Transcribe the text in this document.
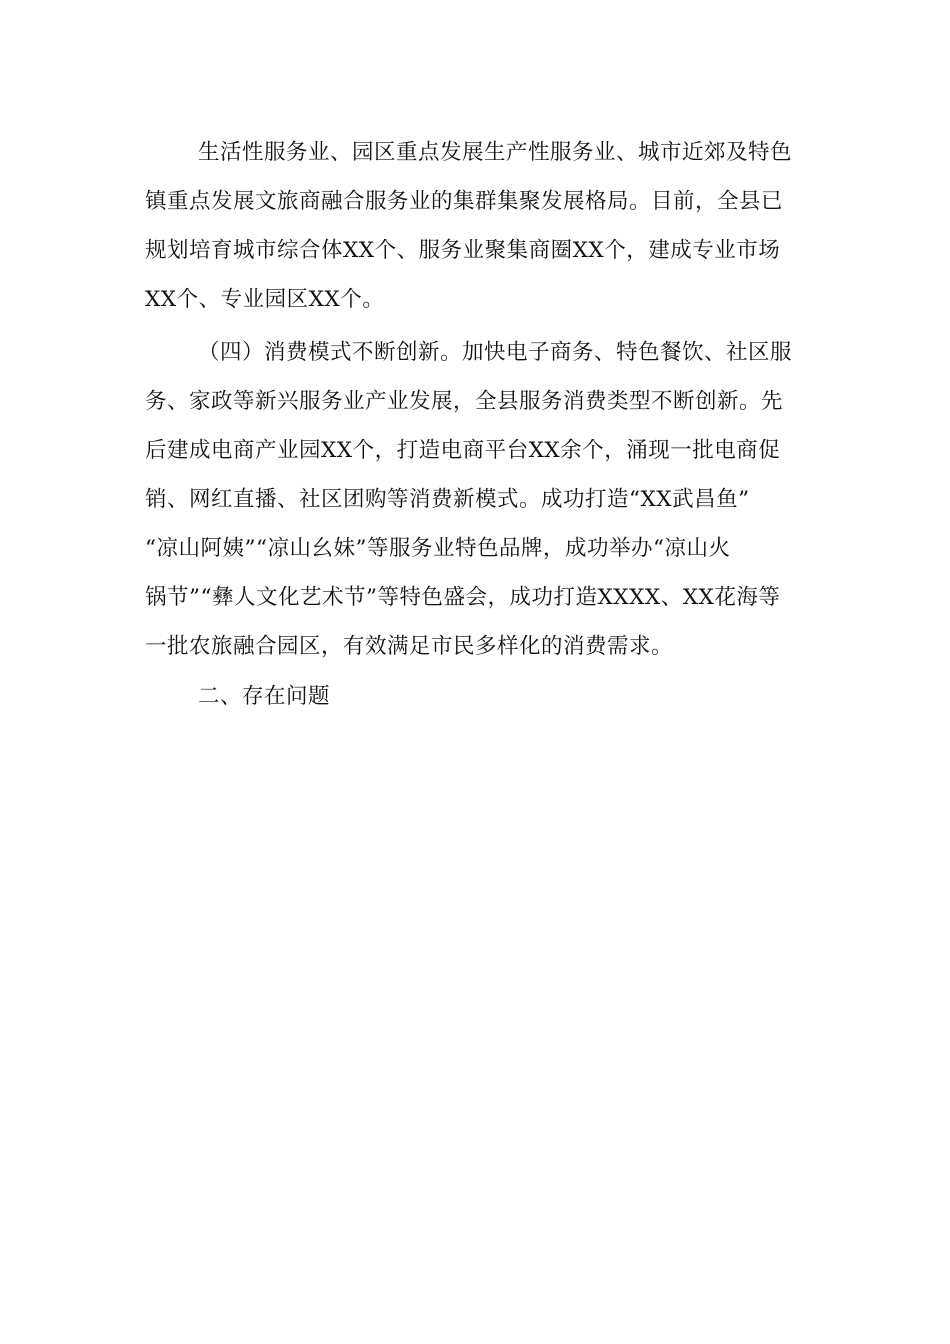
生活性服务业、园区重点发展生产性服务业、城市近郊及特色
镇重点发展文旅商融合服务业的集群集聚发展格局。目前，全县已
规划培育城市综合体XX个、服务业聚集商圈XX个，建成专业市场
XX个、专业园区XX个。
（四）消费模式不断创新。加快电子商务、特色餐饮、社区服
务、家政等新兴服务业产业发展，全县服务消费类型不断创新。先
后建成电商产业园XX个，打造电商平台XX余个，涌现一批电商促
销、网红直播、社区团购等消费新模式。成功打造“XX武昌鱼”
“凉山阿姨”“凉山幺妹”等服务业特色品牌，成功举办“凉山火
锅节”“彝人文化艺术节”等特色盛会，成功打造XXXX、XX花海等
一批农旅融合园区，有效满足市民多样化的消费需求。
二、存在问题
